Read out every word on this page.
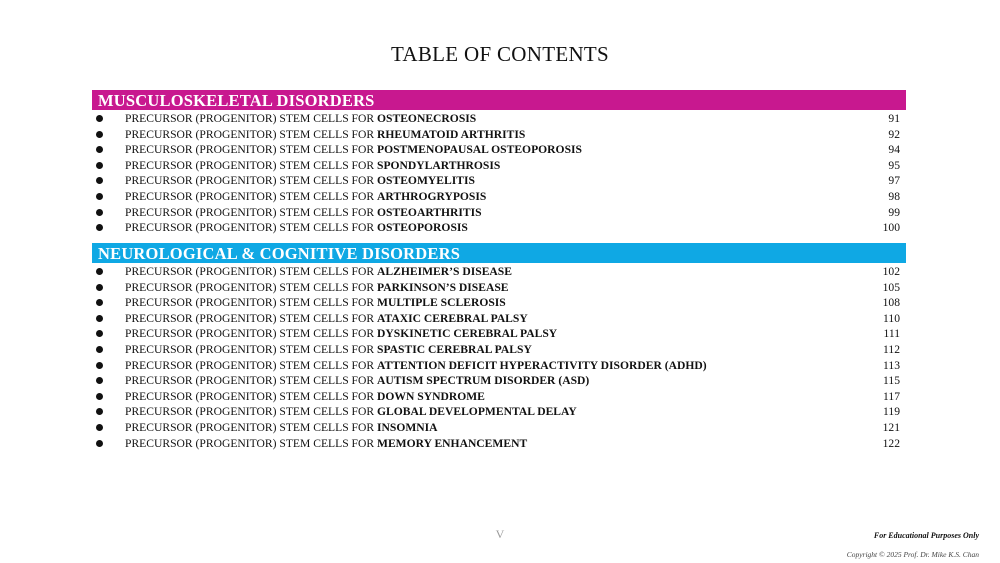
TABLE OF CONTENTS
MUSCULOSKELETAL DISORDERS
PRECURSOR (PROGENITOR) STEM CELLS FOR OSTEONECROSIS	91
PRECURSOR (PROGENITOR) STEM CELLS FOR RHEUMATOID ARTHRITIS	92
PRECURSOR (PROGENITOR) STEM CELLS FOR POSTMENOPAUSAL OSTEOPOROSIS	94
PRECURSOR (PROGENITOR) STEM CELLS FOR SPONDYLARTHROSIS	95
PRECURSOR (PROGENITOR) STEM CELLS FOR OSTEOMYELITIS	97
PRECURSOR (PROGENITOR) STEM CELLS FOR ARTHROGRYPOSIS	98
PRECURSOR (PROGENITOR) STEM CELLS FOR OSTEOARTHRITIS	99
PRECURSOR (PROGENITOR) STEM CELLS FOR OSTEOPOROSIS	100
NEUROLOGICAL & COGNITIVE DISORDERS
PRECURSOR (PROGENITOR) STEM CELLS FOR ALZHEIMER’S DISEASE	102
PRECURSOR (PROGENITOR) STEM CELLS FOR PARKINSON’S DISEASE	105
PRECURSOR (PROGENITOR) STEM CELLS FOR MULTIPLE SCLEROSIS	108
PRECURSOR (PROGENITOR) STEM CELLS FOR ATAXIC CEREBRAL PALSY	110
PRECURSOR (PROGENITOR) STEM CELLS FOR DYSKINETIC CEREBRAL PALSY	111
PRECURSOR (PROGENITOR) STEM CELLS FOR SPASTIC CEREBRAL PALSY	112
PRECURSOR (PROGENITOR) STEM CELLS FOR ATTENTION DEFICIT HYPERACTIVITY DISORDER (ADHD)	113
PRECURSOR (PROGENITOR) STEM CELLS FOR AUTISM SPECTRUM DISORDER (ASD)	115
PRECURSOR (PROGENITOR) STEM CELLS FOR DOWN SYNDROME	117
PRECURSOR (PROGENITOR) STEM CELLS FOR GLOBAL DEVELOPMENTAL DELAY	119
PRECURSOR (PROGENITOR) STEM CELLS FOR INSOMNIA	121
PRECURSOR (PROGENITOR) STEM CELLS FOR MEMORY ENHANCEMENT	122
V	For Educational Purposes Only
Copyright © 2025 Prof. Dr. Mike K.S. Chan
